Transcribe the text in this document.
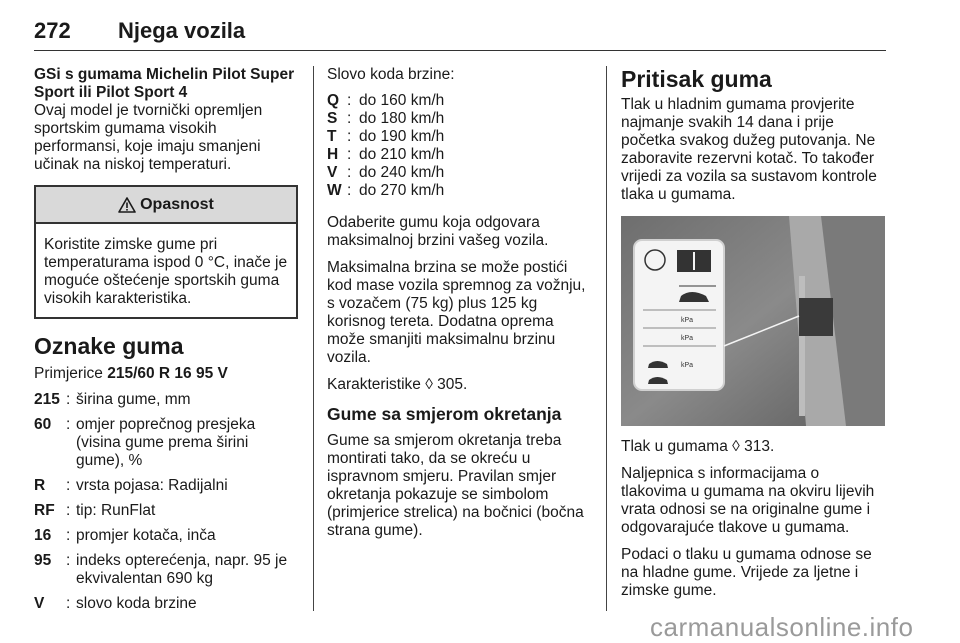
272 Njega vozila

GSi s gumama Michelin Pilot Super Sport ili Pilot Sport 4

Ovaj model je tvornički opremljen sportskim gumama visokih performansi, koje imaju smanjeni učinak na niskoj temperaturi.

Opasnost
Koristite zimske gume pri temperaturama ispod 0 °C, inače je moguće oštećenje sportskih guma visokih karakteristika.
Oznake guma

Primjerice 215/60 R 16 95 V

215 : širina gume, mm
60 : omjer poprečnog presjeka (visina gume prema širini gume), %
R	: vrsta pojasa: Radijalni
RF : tip: RunFlat
16 : promjer kotača, inča
95 : indeks opterećenja, napr. 95 je ekvivalentan 690 kg
V	: slovo koda brzine

Slovo koda brzine:

Q : do 160 km/h
S : do 180 km/h
T : do 190 km/h
H : do 210 km/h
V : do 240 km/h
W : do 270 km/h

Odaberite gumu koja odgovara maksimalnoj brzini vašeg vozila.

Maksimalna brzina se može postići kod mase vozila spremnog za vožnju, s vozačem (75 kg) plus 125 kg korisnog tereta. Dodatna oprema može smanjiti maksimalnu brzinu vozila.

Karakteristike ◊ 305.

Gume sa smjerom okretanja

Gume sa smjerom okretanja treba montirati tako, da se okreću u ispravnom smjeru. Pravilan smjer okretanja pokazuje se simbolom (primjerice strelica) na bočnici (bočna strana gume).

Pritisak guma

Tlak u hladnim gumama provjerite najmanje svakih 14 dana i prije početka svakog dužeg putovanja. Ne zaboravite rezervni kotač. To također vrijedi za vozila sa sustavom kontrole tlaka u gumama.

kPa
kPa
kPa

Tlak u gumama ◊ 313.

Naljepnica s informacijama o tlakovima u gumama na okviru lijevih vrata odnosi se na originalne gume i odgovarajuće tlakove u gumama.

Podaci o tlaku u gumama odnose se na hladne gume. Vrijede za ljetne i zimske gume.

carmanualsonline.info
